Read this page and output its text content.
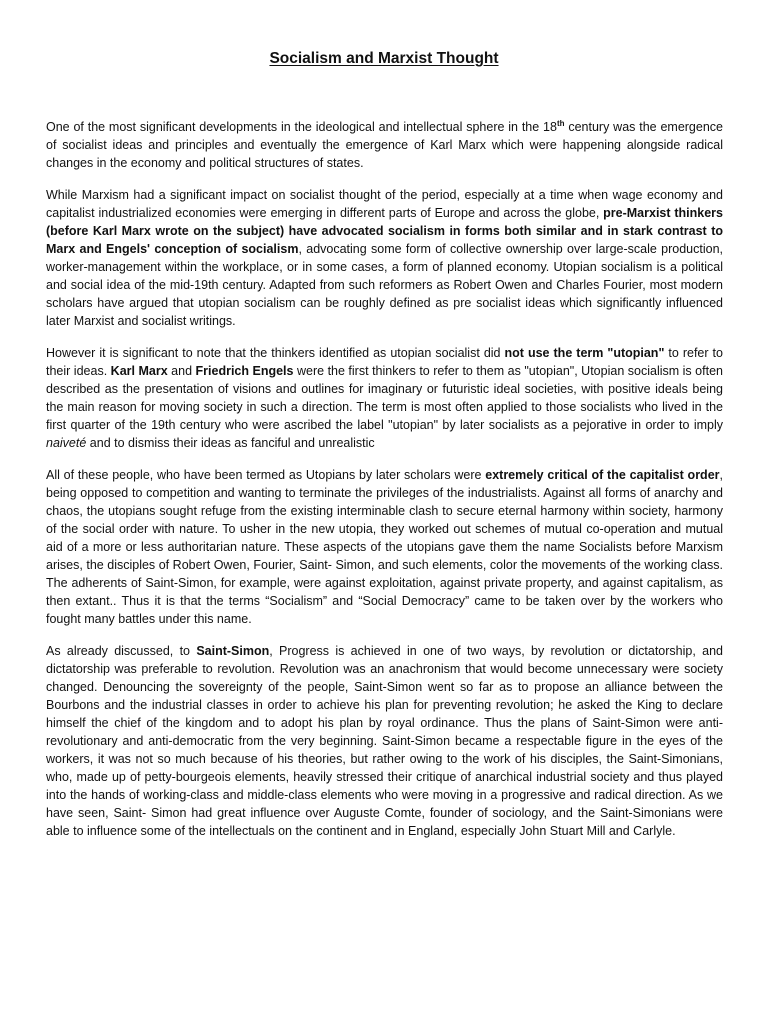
Socialism and Marxist Thought

One of the most significant developments in the ideological and intellectual sphere in the 18th century was the emergence of socialist ideas and principles and eventually the emergence of Karl Marx which were happening alongside radical changes in the economy and political structures of states.

While Marxism had a significant impact on socialist thought of the period, especially at a time when wage economy and capitalist industrialized economies were emerging in different parts of Europe and across the globe, pre-Marxist thinkers (before Karl Marx wrote on the subject) have advocated socialism in forms both similar and in stark contrast to Marx and Engels' conception of socialism, advocating some form of collective ownership over large-scale production, worker-management within the workplace, or in some cases, a form of planned economy. Utopian socialism is a political and social idea of the mid-19th century. Adapted from such reformers as Robert Owen and Charles Fourier, most modern scholars have argued that utopian socialism can be roughly defined as pre socialist ideas which significantly influenced later Marxist and socialist writings.

However it is significant to note that the thinkers identified as utopian socialist did not use the term "utopian" to refer to their ideas. Karl Marx and Friedrich Engels were the first thinkers to refer to them as "utopian", Utopian socialism is often described as the presentation of visions and outlines for imaginary or futuristic ideal societies, with positive ideals being the main reason for moving society in such a direction. The term is most often applied to those socialists who lived in the first quarter of the 19th century who were ascribed the label "utopian" by later socialists as a pejorative in order to imply naiveté and to dismiss their ideas as fanciful and unrealistic

All of these people, who have been termed as Utopians by later scholars were extremely critical of the capitalist order, being opposed to competition and wanting to terminate the privileges of the industrialists. Against all forms of anarchy and chaos, the utopians sought refuge from the existing interminable clash to secure eternal harmony within society, harmony of the social order with nature. To usher in the new utopia, they worked out schemes of mutual co-operation and mutual aid of a more or less authoritarian nature. These aspects of the utopians gave them the name Socialists before Marxism arises, the disciples of Robert Owen, Fourier, Saint- Simon, and such elements, color the movements of the working class. The adherents of Saint-Simon, for example, were against exploitation, against private property, and against capitalism, as then extant.. Thus it is that the terms “Socialism” and “Social Democracy” came to be taken over by the workers who fought many battles under this name.

As already discussed, to Saint-Simon, Progress is achieved in one of two ways, by revolution or dictatorship, and dictatorship was preferable to revolution. Revolution was an anachronism that would become unnecessary were society changed. Denouncing the sovereignty of the people, Saint-Simon went so far as to propose an alliance between the Bourbons and the industrial classes in order to achieve his plan for preventing revolution; he asked the King to declare himself the chief of the kingdom and to adopt his plan by royal ordinance. Thus the plans of Saint-Simon were anti-revolutionary and anti-democratic from the very beginning. Saint-Simon became a respectable figure in the eyes of the workers, it was not so much because of his theories, but rather owing to the work of his disciples, the Saint-Simonians, who, made up of petty-bourgeois elements, heavily stressed their critique of anarchical industrial society and thus played into the hands of working-class and middle-class elements who were moving in a progressive and radical direction. As we have seen, Saint- Simon had great influence over Auguste Comte, founder of sociology, and the Saint-Simonians were able to influence some of the intellectuals on the continent and in England, especially John Stuart Mill and Carlyle.
